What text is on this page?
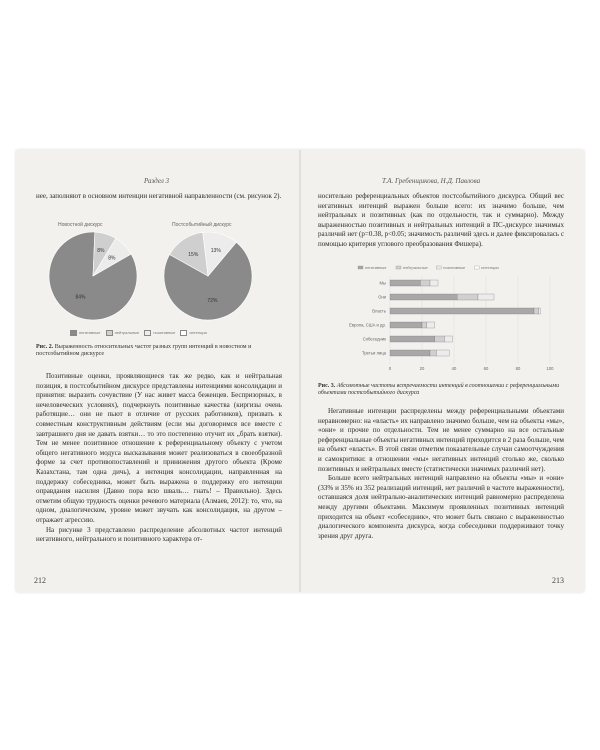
Раздел 3

нее, заполняют в основном интенции негативной направленности (см. рисунок 2).

Новостной дискурс
84%
8%
8%
Постсобытийный дискурс
72%
15%
13%
негативные	нейтральные	позитивные	интенции
Рис. 2. Выраженность относительных частот разных групп интенций в новостном и постсобытийном дискурсе

Позитивные оценки, проявляющиеся так же редко, как и нейтральная позиция, в постсобытийном дискурсе представлены интенциями консолидации и принятия: выразить сочувствие (У нас живет масса беженцев. Беспризорных, в нечеловеческих условиях), подчеркнуть позитивные качества (киргизы очень работящие… они не пьют в отличие от русских работников), призвать к совместным конструктивным действиям (если мы договоримся все вместе с завтрашнего дня не давать взятки… то это постепенно отучит их „брать взятки). Тем не менее позитивное отношение к референциальному объекту с учетом общего негативного модуса высказывания может реализоваться в своеобразной форме за счет противопоставлений и принижения другого объекта (Кроме Казахстана, там одна дичь), а интенция консолидации, направленная на поддержку собеседника, может быть выражена в поддержку его интенции оправдания насилия (Давно пора всю шваль… гнать! – Правильно). Здесь отметим общую трудность оценки речевого материала (Алмаев, 2012): то, что, на одном, диалогическом, уровне может звучать как консолидация, на другом – отражает агрессию.

На рисунке 3 представлено распределение абсолютных частот интенций негативного, нейтрального и позитивного характера от-

212
Т.А. Гребенщикова, Н.Д. Павлова

носительно референциальных объектов постсобытийного дискурса. Общий вес негативных интенций выражен больше всего: их значимо больше, чем нейтральных и позитивных (как по отдельности, так и суммарно). Между выраженностью позитивных и нейтральных интенций в ПС-дискурсе значимых различий нет (p=0.38, p<0.05; значимость различий здесь и далее фиксировалась с помощью критерия углового преобразования Фишера).

негативные	нейтральные	позитивные	интенции
Мы
Они
Власть
Европа, США и др.
Собеседник
Третьи лица
0	20	40	60	80	100
Рис. 3. Абсолютные частоты встречаемости интенций в соотношении с референциальными объектами постсобытийного дискурса

Негативные интенции распределены между референциальными объектами неравномерно: на «власть» их направлено значимо больше, чем на объекты «мы», «они» и прочие по отдельности. Тем не менее суммарно на все остальные референциальные объекты негативных интенций приходится в 2 раза больше, чем на объект «власть». В этой связи отметим показательные случаи самоотчуждения и самокритики: в отношении «мы» негативных интенций столько же, сколько позитивных и нейтральных вместе (статистически значимых различий нет).

Больше всего нейтральных интенций направлено на объекты «мы» и «они» (33% и 35% из 352 реализаций интенций, нет различий в частоте выраженности), оставшаяся доля нейтрально-аналитических интенций равномерно распределена между другими объектами. Максимум проявленных позитивных интенций приходится на объект «собеседник», что может быть связано с выраженностью диалогического компонента дискурса, когда собеседники поддерживают точку зрения друг друга.

213
